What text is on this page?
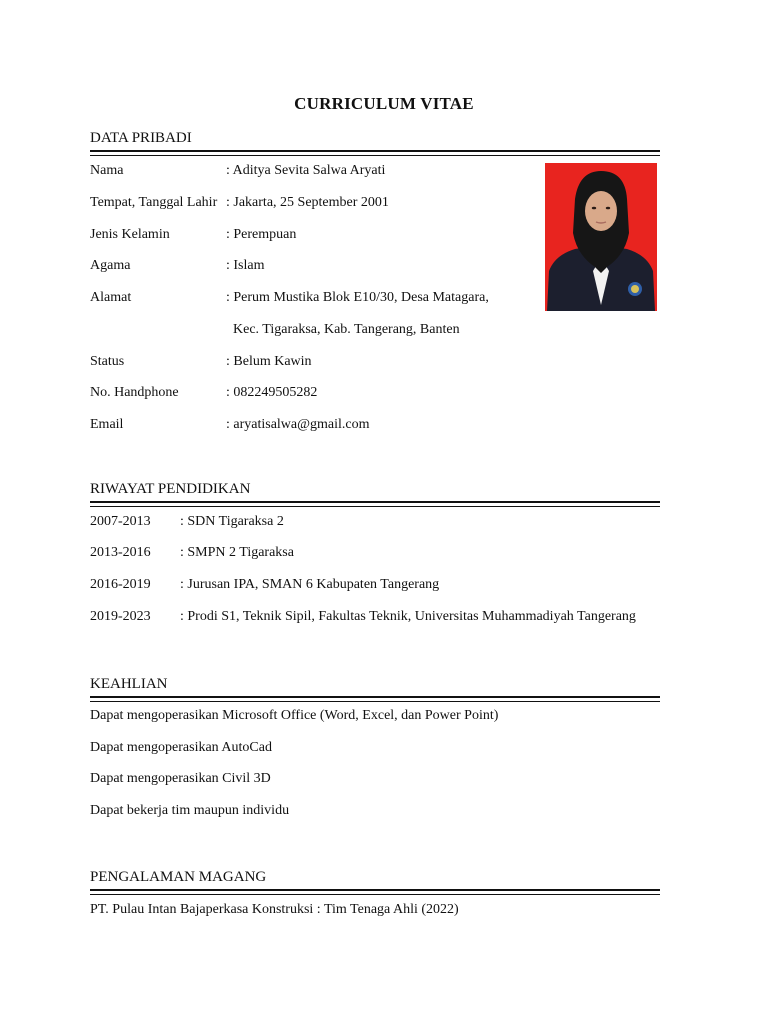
CURRICULUM VITAE
DATA PRIBADI
Nama	: Aditya Sevita Salwa Aryati
Tempat, Tanggal Lahir : Jakarta, 25 September 2001
Jenis Kelamin	: Perempuan
Agama	: Islam
Alamat	: Perum Mustika Blok E10/30, Desa Matagara,
Kec. Tigaraksa, Kab. Tangerang, Banten
Status	: Belum Kawin
No. Handphone	: 082249505282
Email	: aryatisalwa@gmail.com
RIWAYAT PENDIDIKAN
2007-2013 : SDN Tigaraksa 2
2013-2016 : SMPN 2 Tigaraksa
2016-2019 : Jurusan IPA, SMAN 6 Kabupaten Tangerang
2019-2023 : Prodi S1, Teknik Sipil, Fakultas Teknik, Universitas Muhammadiyah Tangerang
KEAHLIAN
Dapat mengoperasikan Microsoft Office (Word, Excel, dan Power Point)
Dapat mengoperasikan AutoCad
Dapat mengoperasikan Civil 3D
Dapat bekerja tim maupun individu
PENGALAMAN MAGANG
PT. Pulau Intan Bajaperkasa Konstruksi : Tim Tenaga Ahli (2022)
